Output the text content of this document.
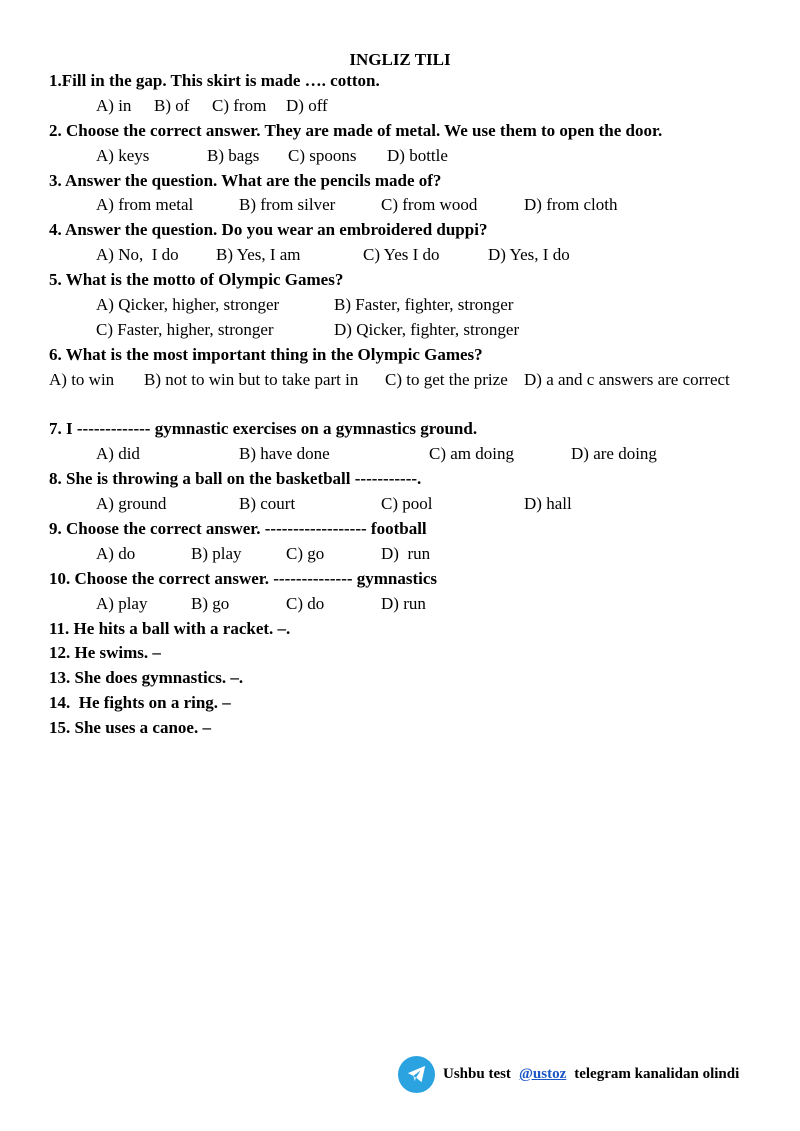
INGLIZ TILI
1.Fill in the gap. This skirt is made …. cotton.
A) in B) of C) from D) off
2. Choose the correct answer. They are made of metal. We use them to open the door.
A) keys	B) bags C) spoons D) bottle
3. Answer the question. What are the pencils made of?
A) from metal	B) from silver	C) from wood	D) from cloth
4. Answer the question. Do you wear an embroidered duppi?
A) No,  I do B) Yes, I am	C) Yes I do	D) Yes, I do
5. What is the motto of Olympic Games?
A) Qicker, higher, stronger	B) Faster, fighter, stronger
C) Faster, higher, stronger	D) Qicker, fighter, stronger
6. What is the most important thing in the Olympic Games?
A) to win B) not to win but to take part in C) to get the prize D) a and c answers are correct
7. I ------------- gymnastic exercises on a gymnastics ground.
A) did	B) have done	C) am doing	D) are doing
8. She is throwing a ball on the basketball -----------.
A) ground	B) court	C) pool	D) hall
9. Choose the correct answer. ------------------ football
A) do	B) play	C) go	D)  run
10. Choose the correct answer. -------------- gymnastics
A) play	B) go	C) do	D) run
11. He hits a ball with a racket. –.
12. He swims. –
13. She does gymnastics. –.
14.  He fights on a ring. –
15. She uses a canoe. –
Ushbu test @ustoz telegram kanalidan olindi
